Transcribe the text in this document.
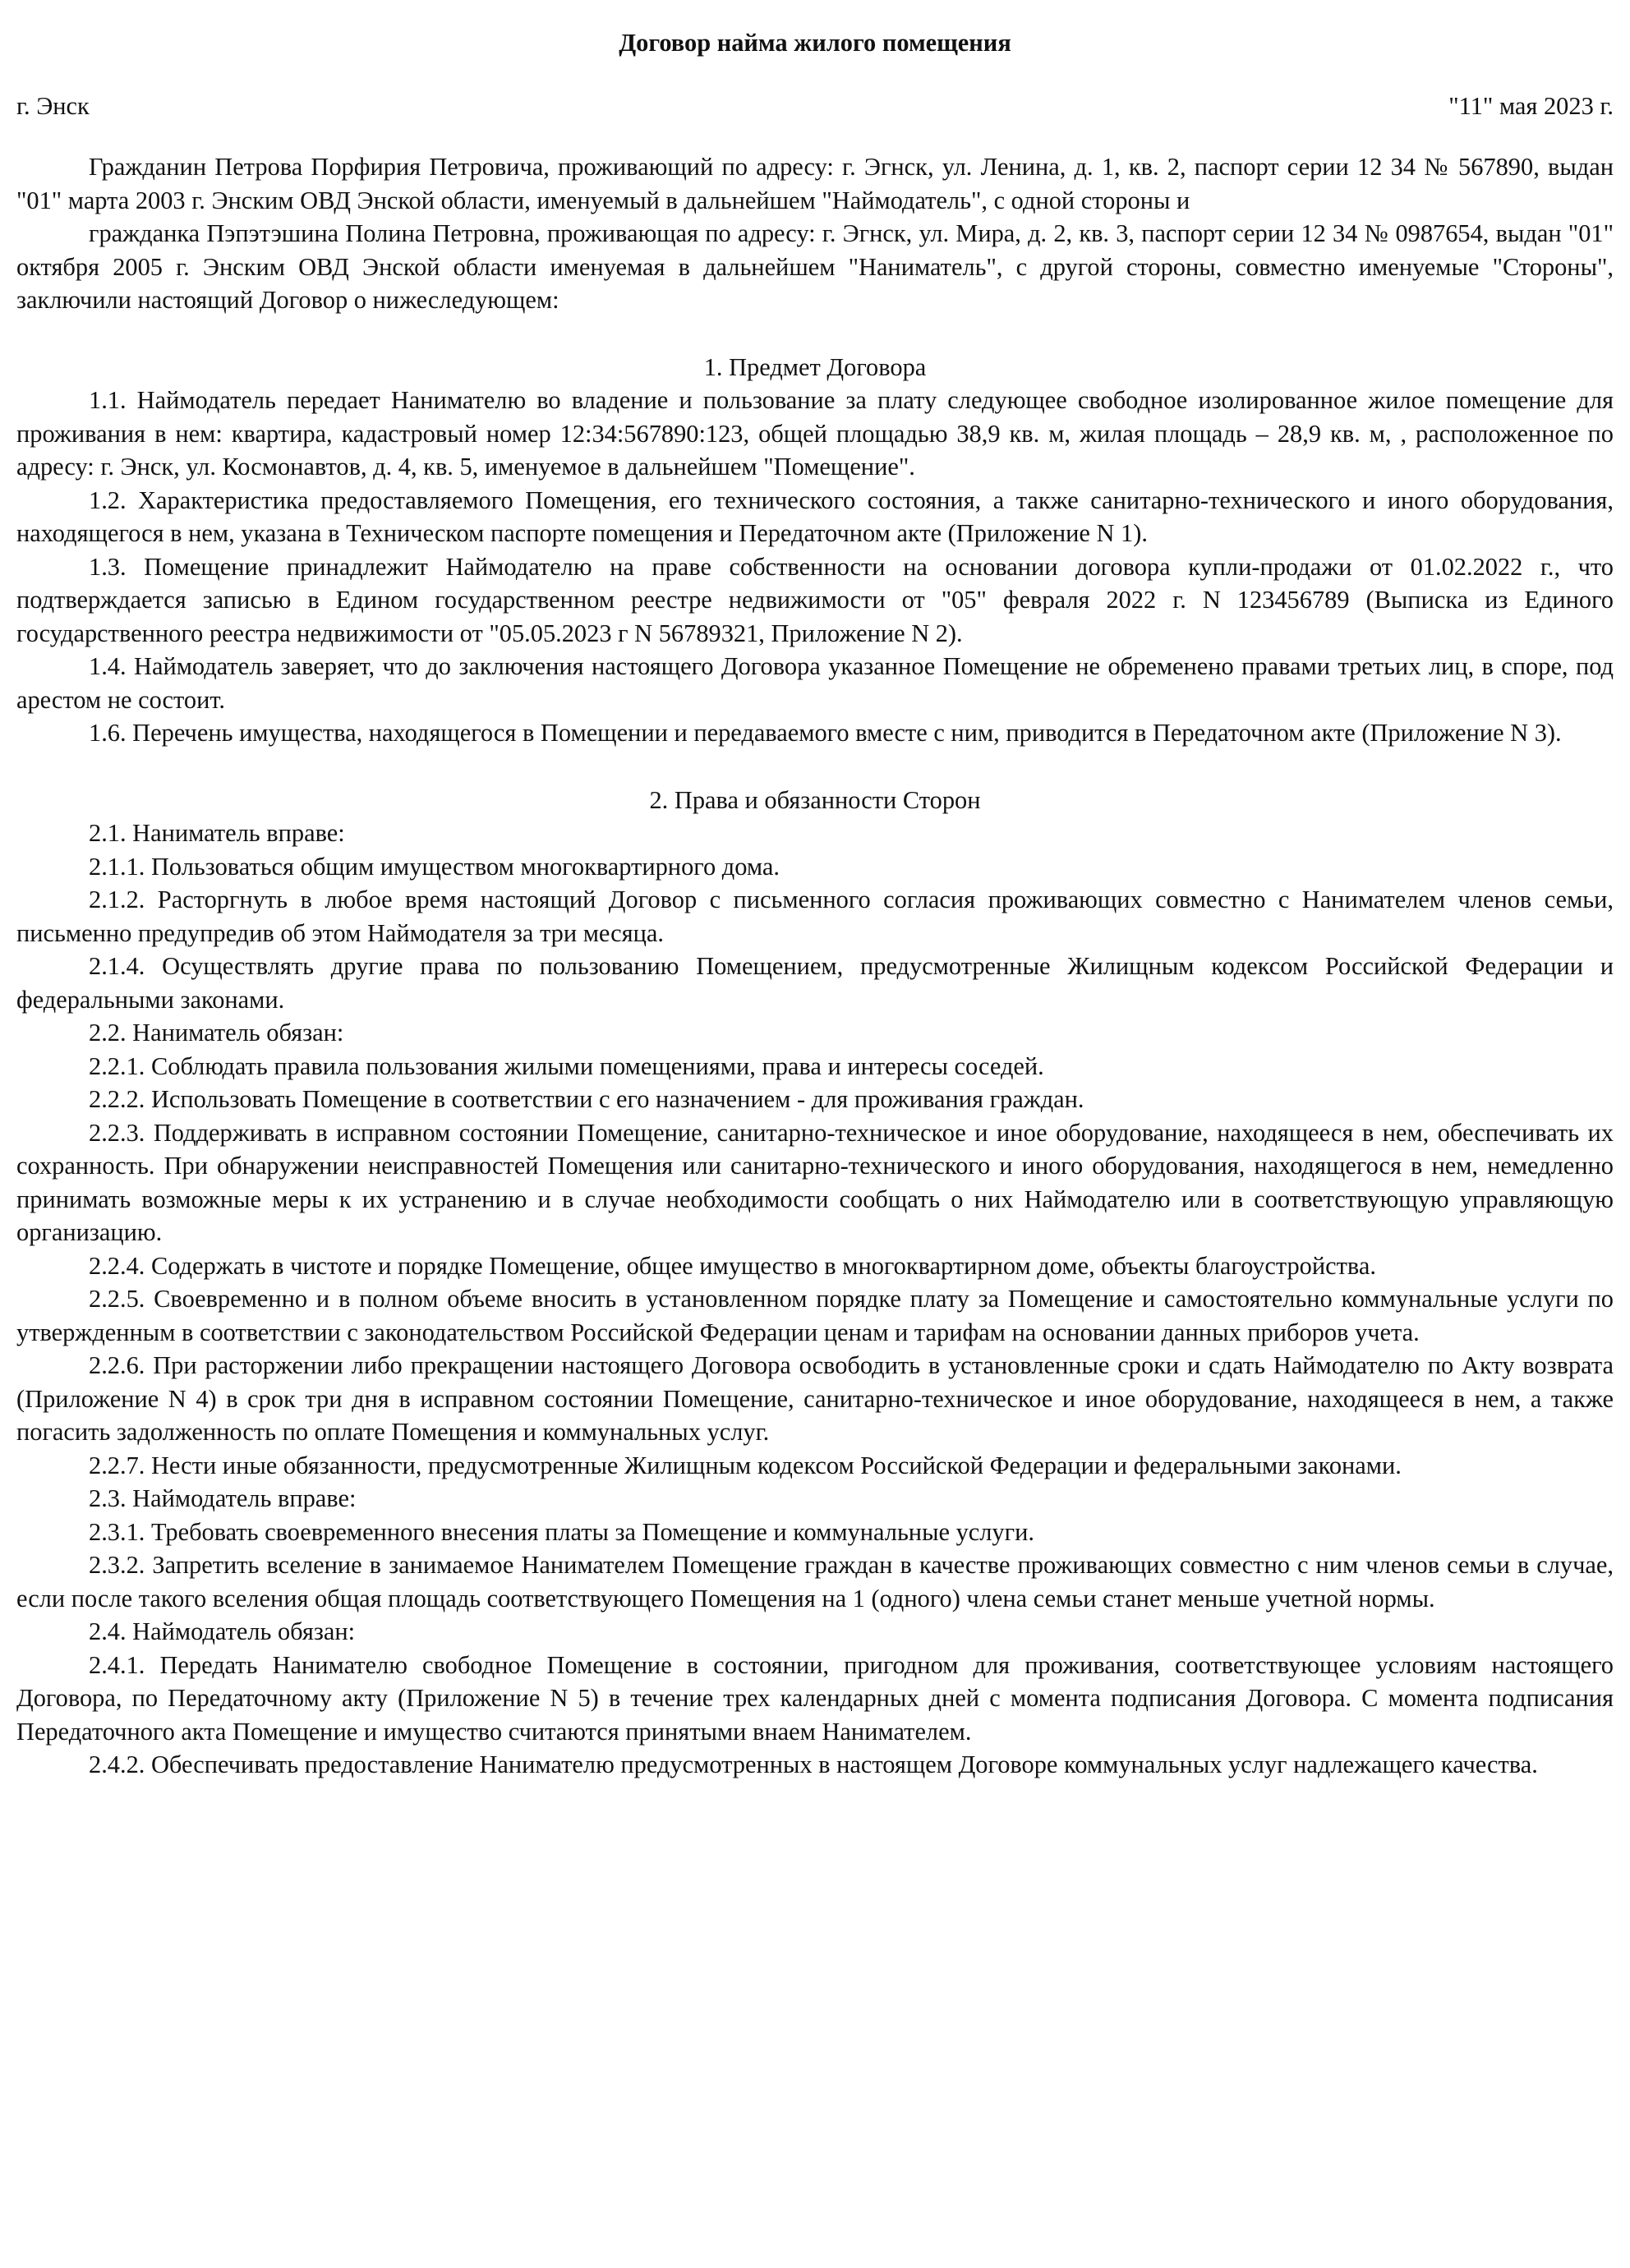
Договор найма жилого помещения
г. Энск	"11" мая 2023 г.

Гражданин Петрова Порфирия Петровича, проживающий по адресу: г. Эгнск, ул. Ленина, д. 1, кв. 2, паспорт серии 12 34 № 567890, выдан "01" марта 2003 г. Энским ОВД Энской области, именуемый в дальнейшем "Наймодатель", с одной стороны и

гражданка Пэпэтэшина Полина Петровна, проживающая по адресу: г. Эгнск, ул. Мира, д. 2, кв. 3, паспорт серии 12 34 № 0987654, выдан "01" октября 2005 г. Энским ОВД Энской области именуемая в дальнейшем "Наниматель", с другой стороны, совместно именуемые "Стороны", заключили настоящий Договор о нижеследующем:

1. Предмет Договора

1.1. Наймодатель передает Нанимателю во владение и пользование за плату следующее свободное изолированное жилое помещение для проживания в нем: квартира, кадастровый номер 12:34:567890:123, общей площадью 38,9 кв. м, жилая площадь – 28,9 кв. м, , расположенное по адресу: г. Энск, ул. Космонавтов, д. 4, кв. 5, именуемое в дальнейшем "Помещение".

1.2. Характеристика предоставляемого Помещения, его технического состояния, а также санитарно-технического и иного оборудования, находящегося в нем, указана в Техническом паспорте помещения и Передаточном акте (Приложение N 1).

1.3. Помещение принадлежит Наймодателю на праве собственности на основании договора купли-продажи от 01.02.2022 г., что подтверждается записью в Едином государственном реестре недвижимости от "05" февраля 2022 г. N 123456789 (Выписка из Единого государственного реестра недвижимости от "05.05.2023 г N 56789321, Приложение N 2).

1.4. Наймодатель заверяет, что до заключения настоящего Договора указанное Помещение не обременено правами третьих лиц, в споре, под арестом не состоит.

1.6. Перечень имущества, находящегося в Помещении и передаваемого вместе с ним, приводится в Передаточном акте (Приложение N 3).

2. Права и обязанности Сторон

2.1. Наниматель вправе:

2.1.1. Пользоваться общим имуществом многоквартирного дома.

2.1.2. Расторгнуть в любое время настоящий Договор с письменного согласия проживающих совместно с Нанимателем членов семьи, письменно предупредив об этом Наймодателя за три месяца.

2.1.4. Осуществлять другие права по пользованию Помещением, предусмотренные Жилищным кодексом Российской Федерации и федеральными законами.

2.2. Наниматель обязан:

2.2.1. Соблюдать правила пользования жилыми помещениями, права и интересы соседей.

2.2.2. Использовать Помещение в соответствии с его назначением - для проживания граждан.

2.2.3. Поддерживать в исправном состоянии Помещение, санитарно-техническое и иное оборудование, находящееся в нем, обеспечивать их сохранность. При обнаружении неисправностей Помещения или санитарно-технического и иного оборудования, находящегося в нем, немедленно принимать возможные меры к их устранению и в случае необходимости сообщать о них Наймодателю или в соответствующую управляющую организацию.

2.2.4. Содержать в чистоте и порядке Помещение, общее имущество в многоквартирном доме, объекты благоустройства.

2.2.5. Своевременно и в полном объеме вносить в установленном порядке плату за Помещение и самостоятельно коммунальные услуги по утвержденным в соответствии с законодательством Российской Федерации ценам и тарифам на основании данных приборов учета.

2.2.6. При расторжении либо прекращении настоящего Договора освободить в установленные сроки и сдать Наймодателю по Акту возврата (Приложение N 4) в срок три дня в исправном состоянии Помещение, санитарно-техническое и иное оборудование, находящееся в нем, а также погасить задолженность по оплате Помещения и коммунальных услуг.

2.2.7. Нести иные обязанности, предусмотренные Жилищным кодексом Российской Федерации и федеральными законами.

2.3. Наймодатель вправе:

2.3.1. Требовать своевременного внесения платы за Помещение и коммунальные услуги.

2.3.2. Запретить вселение в занимаемое Нанимателем Помещение граждан в качестве проживающих совместно с ним членов семьи в случае, если после такого вселения общая площадь соответствующего Помещения на 1 (одного) члена семьи станет меньше учетной нормы.

2.4. Наймодатель обязан:

2.4.1. Передать Нанимателю свободное Помещение в состоянии, пригодном для проживания, соответствующее условиям настоящего Договора, по Передаточному акту (Приложение N 5) в течение трех календарных дней с момента подписания Договора. С момента подписания Передаточного акта Помещение и имущество считаются принятыми внаем Нанимателем.

2.4.2. Обеспечивать предоставление Нанимателю предусмотренных в настоящем Договоре коммунальных услуг надлежащего качества.
